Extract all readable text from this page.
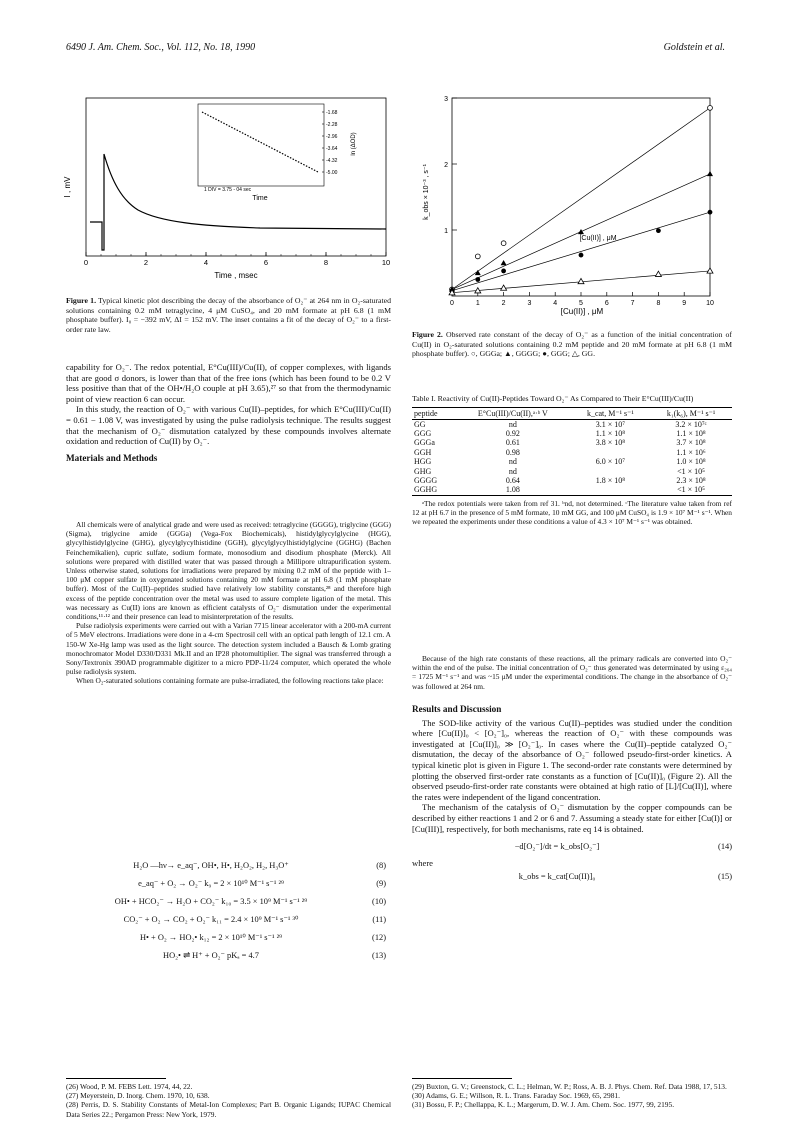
6490 J. Am. Chem. Soc., Vol. 112, No. 18, 1990	Goldstein et al.
I , mV
0	2	4	6	8	10
Time , msec
-1.68
-2.28
-2.96
-3.64
-4.32
-5.00
Time
1 DIV = 3.75 - 04 sec
ln (ΔOD)
Figure 1. Typical kinetic plot describing the decay of the absorbance of O₂⁻ at 264 nm in O₂-saturated solutions containing 0.2 mM tetraglycine, 4 μM CuSO₄, and 20 mM formate at pH 6.8 (1 mM phosphate buffer). I₀ = −392 mV, ΔI = 152 mV. The inset contains a fit of the decay of O₂⁻ to a first-order rate law.

capability for O₂⁻. The redox potential, E°Cu(III)/Cu(II), of copper complexes, with ligands that are good σ donors, is lower than that of the free ions (which has been found to be 0.2 V less positive than that of the OH•/H₂O couple at pH 3.65),²⁷ so that from the thermodynamic point of view reaction 6 can occur.

In this study, the reaction of O₂⁻ with various Cu(II)–peptides, for which E°Cu(III)/Cu(II) = 0.61 − 1.08 V, was investigated by using the pulse radiolysis technique. The results suggest that the mechanism of O₂⁻ dismutation catalyzed by these compounds involves alternate oxidation and reduction of Cu(II) by O₂⁻.

Materials and Methods

All chemicals were of analytical grade and were used as received: tetraglycine (GGGG), triglycine (GGG) (Sigma), triglycine amide (GGGa) (Vega-Fox Biochemicals), histidylglycylglycine (HGG), glycylhistidylglycine (GHG), glycylglycylhistidine (GGH), glycylglycylhistidylglycine (GGHG) (Bachen Feinchemikalien), cupric sulfate, sodium formate, monosodium and disodium phosphate (Merck). All solutions were prepared with distilled water that was passed through a Millipore ultrapurification system. Unless otherwise stated, solutions for irradiations were prepared by mixing 0.2 mM of the peptide with 1–100 μM copper sulfate in oxygenated solutions containing 20 mM formate at pH 6.8 (1 mM phosphate buffer). Most of the Cu(II)–peptides studied have relatively low stability constants,²⁸ and therefore high excess of the peptide concentration over the metal was used to assure complete ligation of the metal. This was necessary as Cu(II) ions are known as efficient catalysts of O₂⁻ dismutation under the experimental conditions,¹¹·¹² and their presence can lead to misinterpretation of the results.

Pulse radiolysis experiments were carried out with a Varian 7715 linear accelerator with a 200-mA current of 5 MeV electrons. Irradiations were done in a 4-cm Spectrosil cell with an optical path length of 12.1 cm. A 150-W Xe-Hg lamp was used as the light source. The detection system included a Bausch & Lomb grating monochromator Model D330/D331 Mk.II and an IP28 photomultiplier. The signal was transferred through a Sony/Textronix 390AD programmable digitizer to a micro PDP-11/24 computer, which operated the whole pulse radiolysis system.

When O₂-saturated solutions containing formate are pulse-irradiated, the following reactions take place:

H₂O —hν→ e_aq⁻, OH•, H•, H₂O₂, H₂, H₃O⁺	(8)
e_aq⁻ + O₂ → O₂⁻ k₉ = 2 × 10¹⁰ M⁻¹ s⁻¹ ²⁹	(9)
OH• + HCO₂⁻ → H₂O + CO₂⁻ k₁₀ = 3.5 × 10⁹ M⁻¹ s⁻¹ ²⁹	(10)
CO₂⁻ + O₂ → CO₂ + O₂⁻ k₁₁ = 2.4 × 10⁹ M⁻¹ s⁻¹ ³⁰	(11)
H• + O₂ → HO₂• k₁₂ = 2 × 10¹⁰ M⁻¹ s⁻¹ ²⁹	(12)
HO₂• ⇌ H⁺ + O₂⁻ pKₐ = 4.7	(13)
(26) Wood, P. M. FEBS Lett. 1974, 44, 22.
(27) Meyerstein, D. Inorg. Chem. 1970, 10, 638.
(28) Perris, D. S. Stability Constants of Metal-Ion Complexes; Part B. Organic Ligands; IUPAC Chemical Data Series 22.; Pergamon Press: New York, 1979.
k_obs × 10⁻³ , s⁻¹
0	1	2	3	4	5	6	7	8	9	10
1
2
3
[Cu(II)] , μM
[Cu(II)] , μM
Figure 2. Observed rate constant of the decay of O₂⁻ as a function of the initial concentration of Cu(II) in O₂-saturated solutions containing 0.2 mM peptide and 20 mM formate at pH 6.8 (1 mM phosphate buffer). ○, GGGa; ▲, GGGG; ●, GGG; △, GG.
Table I. Reactivity of Cu(II)-Peptides Toward O₂⁻ As Compared to Their E°Cu(III)/Cu(II)
peptide	E°Cu(III)/Cu(II),ᵃ·ᵇ V	k_cat, M⁻¹ s⁻¹	k₁(k₆), M⁻¹ s⁻¹
GG	nd	3.1 × 10⁷	3.2 × 10⁷ᶜ
GGG	0.92	1.1 × 10⁸	1.1 × 10⁸
GGGa	0.61	3.8 × 10⁸	3.7 × 10⁸
GGH	0.98		1.1 × 10⁶
HGG	nd	6.0 × 10⁷	1.0 × 10⁸
GHG	nd		<1 × 10⁵
GGGG	0.64	1.8 × 10⁸	2.3 × 10⁸
GGHG	1.08		<1 × 10⁵
ᵃThe redox potentials were taken from ref 31. ᵇnd, not determined. ᶜThe literature value taken from ref 12 at pH 6.7 in the presence of 5 mM formate, 10 mM GG, and 100 μM CuSO₄ is 1.9 × 10⁷ M⁻¹ s⁻¹. When we repeated the experiments under these conditions a value of 4.3 × 10⁷ M⁻¹ s⁻¹ was obtained.

Because of the high rate constants of these reactions, all the primary radicals are converted into O₂⁻ within the end of the pulse. The initial concentration of O₂⁻ thus generated was determinated by using ε₂₆₄ = 1725 M⁻¹ s⁻¹ and was ~15 μM under the experimental conditions. The change in the absorbance of O₂⁻ was followed at 264 nm.

Results and Discussion

The SOD-like activity of the various Cu(II)–peptides was studied under the condition where [Cu(II)]₀ < [O₂⁻]₀, whereas the reaction of O₂⁻ with these compounds was investigated at [Cu(II)]₀ ≫ [O₂⁻]₀. In cases where the Cu(II)–peptide catalyzed O₂⁻ dismutation, the decay of the absorbance of O₂⁻ followed pseudo-first-order kinetics. A typical kinetic plot is given in Figure 1. The second-order rate constants were determined by plotting the observed first-order rate constants as a function of [Cu(II)]₀ (Figure 2). All the observed pseudo-first-order rate constants were obtained at high ratio of [L]/[Cu(II)], where the rates were independent of the ligand concentration.

The mechanism of the catalysis of O₂⁻ dismutation by the copper compounds can be described by either reactions 1 and 2 or 6 and 7. Assuming a steady state for either [Cu(I)] or [Cu(III)], respectively, for both mechanisms, rate eq 14 is obtained.

−d[O₂⁻]/dt = k_obs[O₂⁻]	(14)
where
k_obs = k_cat[Cu(II)]₀	(15)
(29) Buxton, G. V.; Greenstock, C. L.; Helman, W. P.; Ross, A. B. J. Phys. Chem. Ref. Data 1988, 17, 513.
(30) Adams, G. E.; Willson, R. L. Trans. Faraday Soc. 1969, 65, 2981.
(31) Bossu, F. P.; Chellappa, K. L.; Margerum, D. W. J. Am. Chem. Soc. 1977, 99, 2195.
